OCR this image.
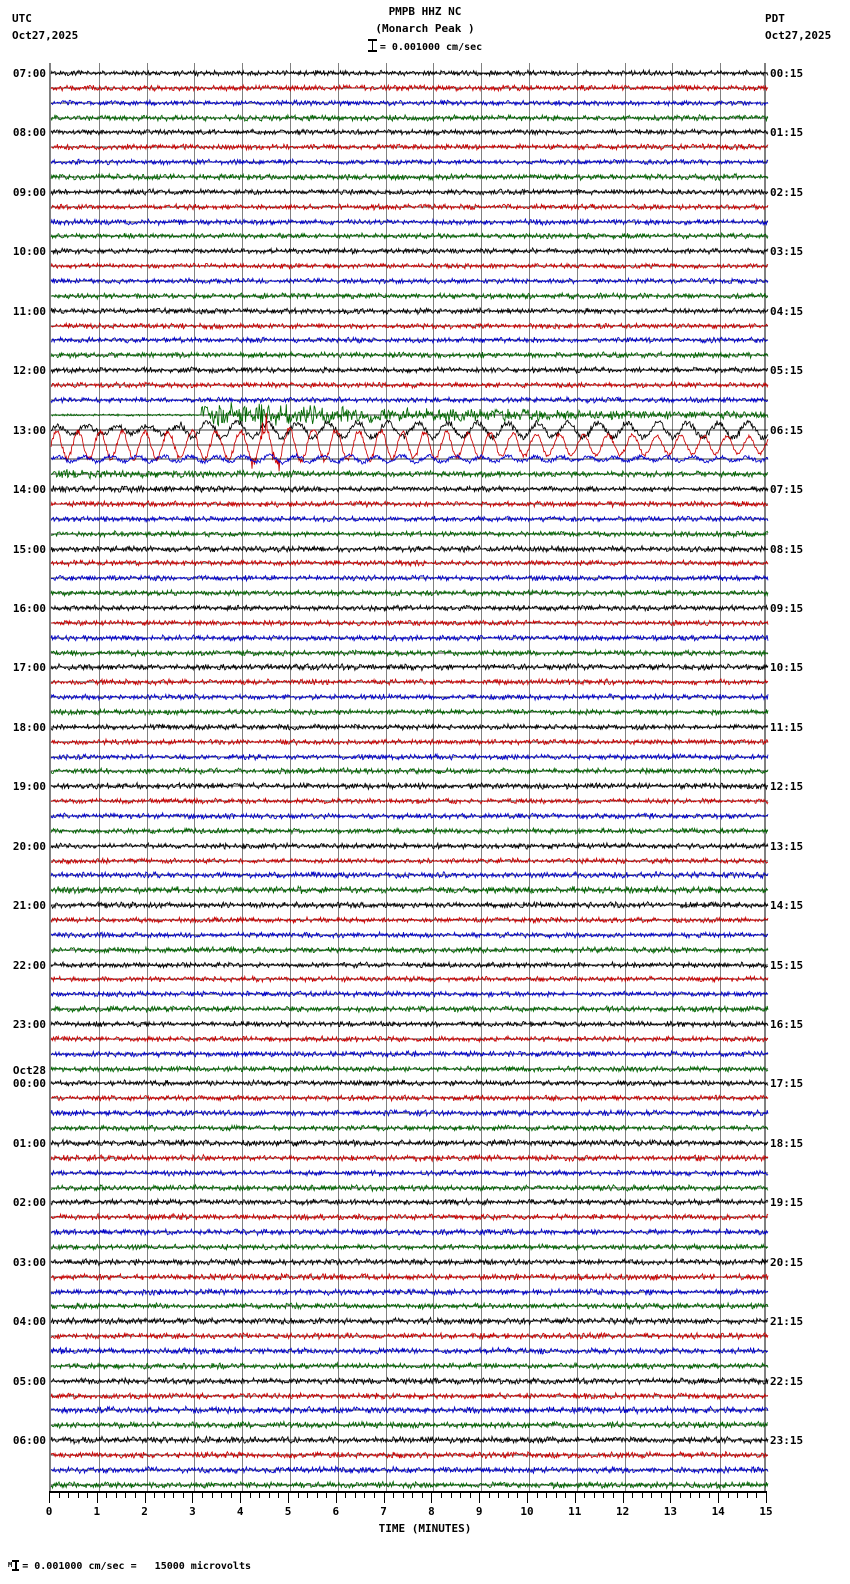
UTC
Oct27,2025
PDT
Oct27,2025
PMPB HHZ NC
(Monarch Peak )
= 0.001000 cm/sec
07:00
08:00
09:00
10:00
11:00
12:00
13:00
14:00
15:00
16:00
17:00
18:00
19:00
20:00
21:00
22:00
23:00
Oct28
00:00
01:00
02:00
03:00
04:00
05:00
06:00
00:15
01:15
02:15
03:15
04:15
05:15
06:15
07:15
08:15
09:15
10:15
11:15
12:15
13:15
14:15
15:15
16:15
17:15
18:15
19:15
20:15
21:15
22:15
23:15
0	1	2	3	4	5	6	7	8	9	10	11	12	13	14	15
TIME (MINUTES)
$^M$ = 0.001000 cm/sec =   15000 microvolts
